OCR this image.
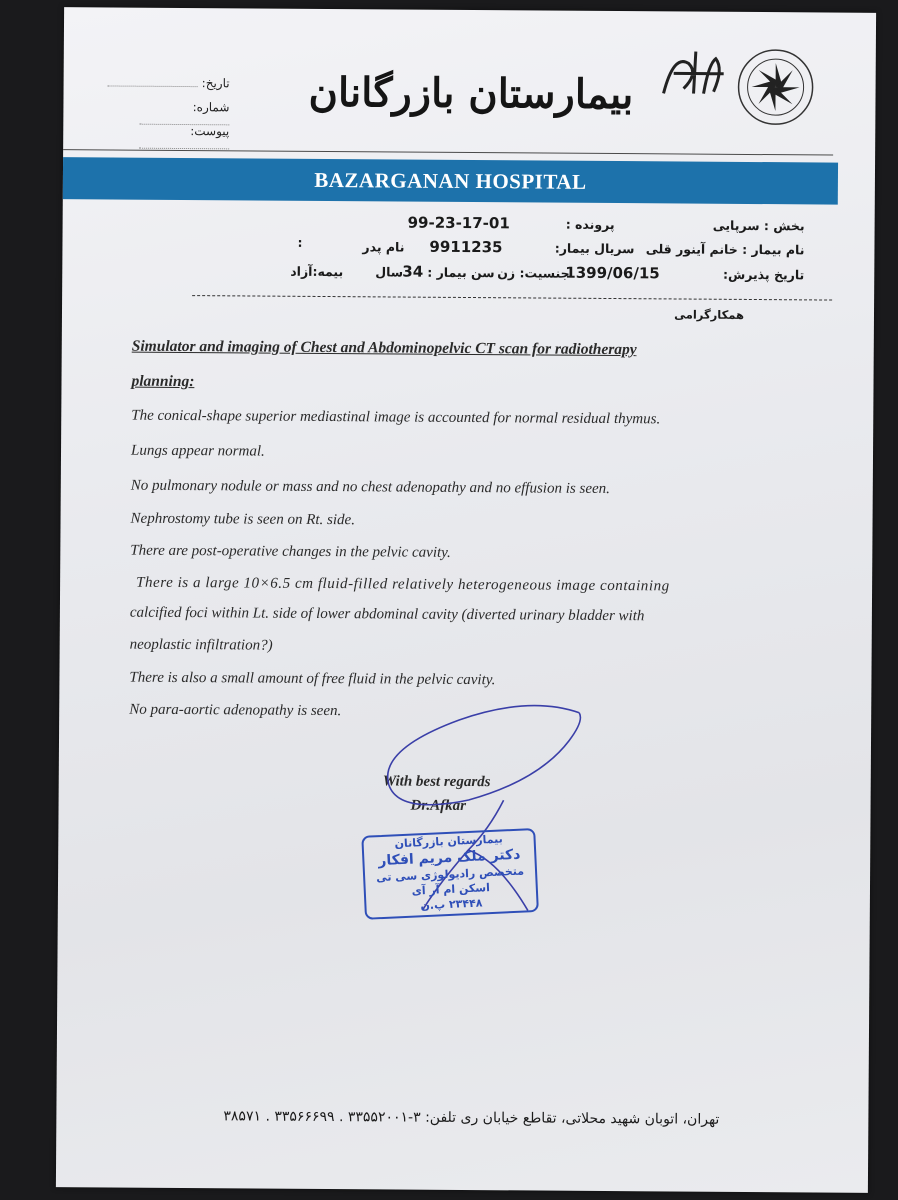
بیمارستان بازرگانان
تاریخ:
شماره:
پیوست:
BAZARGANAN HOSPITAL
بخش : سرپایی
پرونده :
99-23-17-01
نام بیمار : خانم آینور قلی
سریال بیمار:
9911235
نام پدر
:
تاریخ پذیرش:
1399/06/15
جنسیت: زن
سن بیمار :
34
سال
بیمه:آزاد
همکارگرامی
Simulator and imaging of Chest and Abdominopelvic CT scan for radiotherapy
planning:
The conical-shape superior mediastinal image is accounted for normal residual thymus.
Lungs appear normal.
No pulmonary nodule or mass and no chest adenopathy and no effusion is seen.
Nephrostomy tube is seen on Rt. side.
There are post-operative changes in the pelvic cavity.
There is a large 10×6.5 cm fluid-filled relatively heterogeneous image containing
calcified foci within Lt. side of lower abdominal cavity (diverted urinary bladder with
neoplastic infiltration?)
There is also a small amount of free fluid in the pelvic cavity.
No para-aortic adenopathy is seen.
With best regards
Dr.Afkar
بیمارستان بازرگانان
دکتر ملک مریم افکار
متخصص رادیولوژی سی تی اسکن ام آر آی
۲۳۴۴۸ پ.ن
تهران، اتوبان شهید محلاتی، تقاطع خیابان ری تلفن: ۳-۳۳۵۵۲۰۰۱ . ۳۳۵۶۶۶۹۹ . ۳۸۵۷۱
